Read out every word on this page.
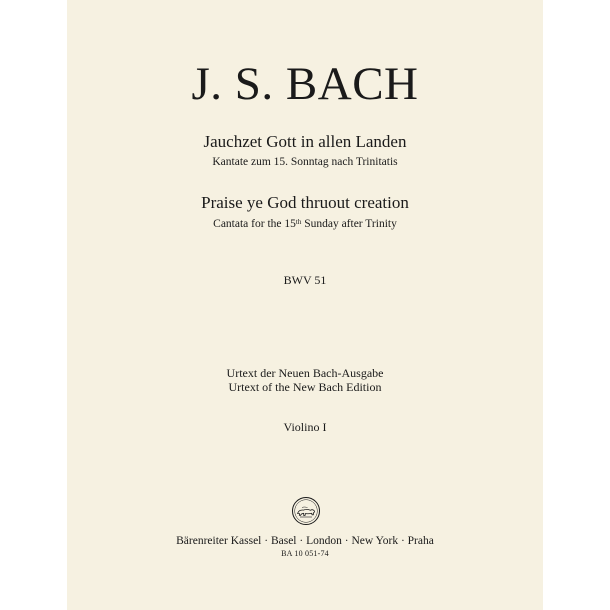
J. S. BACH
Jauchzet Gott in allen Landen
Kantate zum 15. Sonntag nach Trinitatis
Praise ye God thruout creation
Cantata for the 15th Sunday after Trinity
BWV 51
Urtext der Neuen Bach-Ausgabe
Urtext of the New Bach Edition
Violino I
Bärenreiter Kassel · Basel · London · New York · Praha
BA 10 051-74
